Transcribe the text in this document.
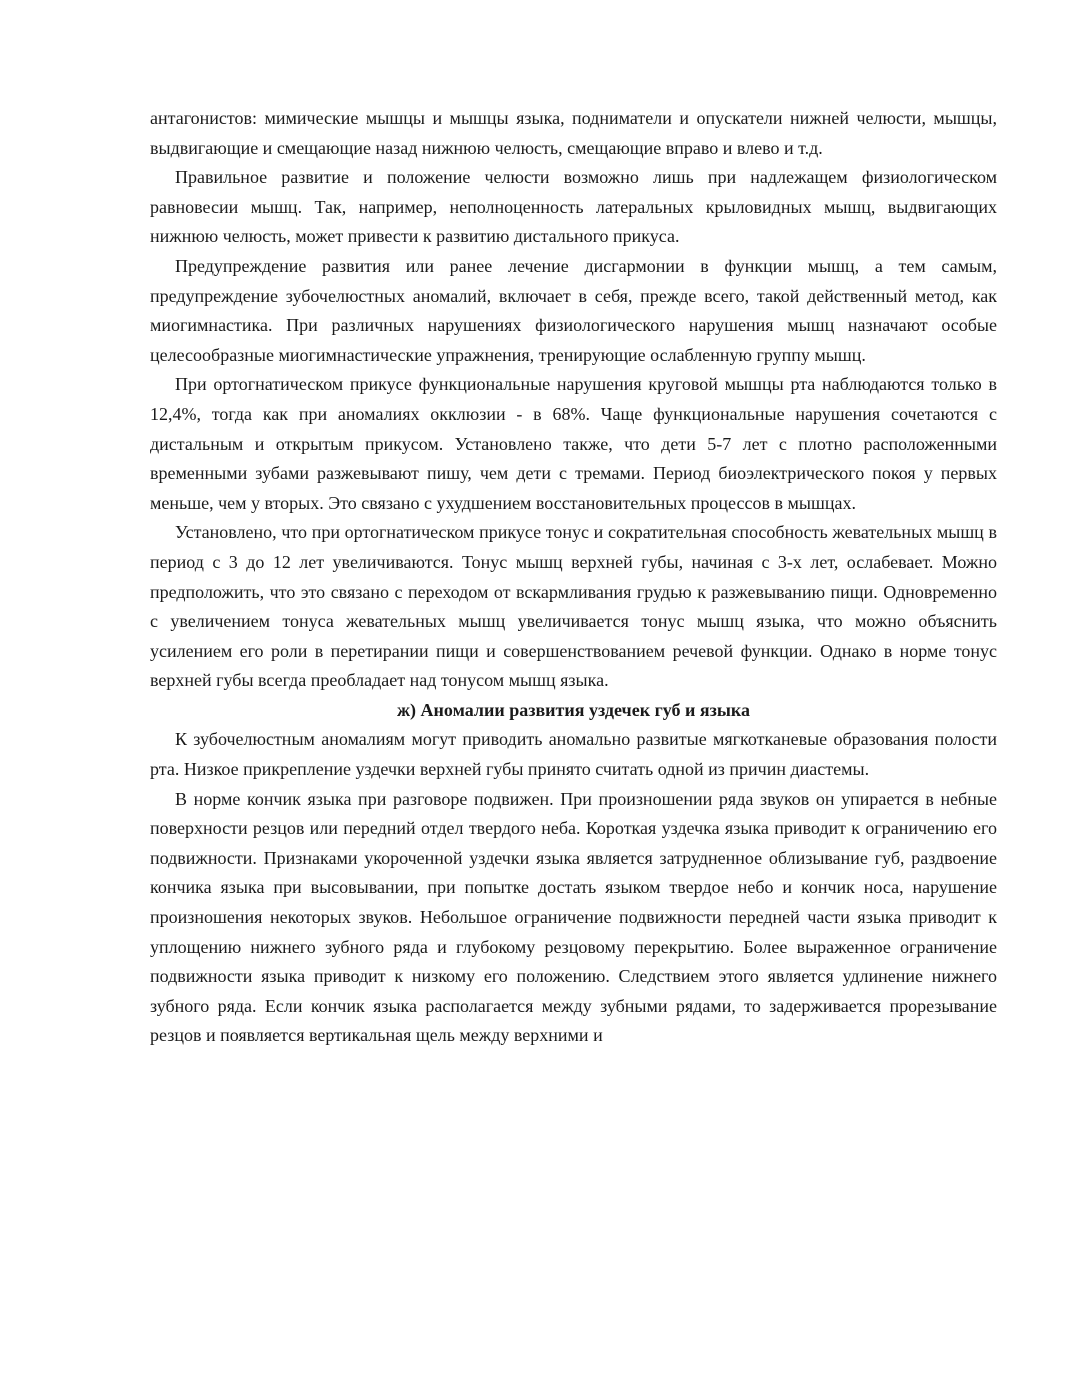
антагонистов: мимические мышцы и мышцы языка, подниматели и опускатели нижней челюсти, мышцы, выдвигающие и смещающие назад нижнюю челюсть, смещающие вправо и влево и т.д.

Правильное развитие и положение челюсти возможно лишь при надлежащем физиологическом равновесии мышц. Так, например, неполноценность латеральных крыловидных мышц, выдвигающих нижнюю челюсть, может привести к развитию дистального прикуса.

Предупреждение развития или ранее лечение дисгармонии в функции мышц, а тем самым, предупреждение зубочелюстных аномалий, включает в себя, прежде всего, такой действенный метод, как миогимнастика. При различных нарушениях физиологического нарушения мышц назначают особые целесообразные миогимнастические упражнения, тренирующие ослабленную группу мышц.

При ортогнатическом прикусе функциональные нарушения круговой мышцы рта наблюдаются только в 12,4%, тогда как при аномалиях окклюзии - в 68%. Чаще функциональные нарушения сочетаются с дистальным и открытым прикусом. Установлено также, что дети 5-7 лет с плотно расположенными временными зубами разжевывают пишу, чем дети с тремами. Период биоэлектрического покоя у первых меньше, чем у вторых. Это связано с ухудшением восстановительных процессов в мышцах.

Установлено, что при ортогнатическом прикусе тонус и сократительная способность жевательных мышц в период с 3 до 12 лет увеличиваются. Тонус мышц верхней губы, начиная с 3-х лет, ослабевает. Можно предположить, что это связано с переходом от вскармливания грудью к разжевыванию пищи. Одновременно с увеличением тонуса жевательных мышц увеличивается тонус мышц языка, что можно объяснить усилением его роли в перетирании пищи и совершенствованием речевой функции. Однако в норме тонус верхней губы всегда преобладает над тонусом мышц языка.

ж) Аномалии развития уздечек губ и языка

К зубочелюстным аномалиям могут приводить аномально развитые мягкотканевые образования полости рта. Низкое прикрепление уздечки верхней губы принято считать одной из причин диастемы.

В норме кончик языка при разговоре подвижен. При произношении ряда звуков он упирается в небные поверхности резцов или передний отдел твердого неба. Короткая уздечка языка приводит к ограничению его подвижности. Признаками укороченной уздечки языка является затрудненное облизывание губ, раздвоение кончика языка при высовывании, при попытке достать языком твердое небо и кончик носа, нарушение произношения некоторых звуков. Небольшое ограничение подвижности передней части языка приводит к уплощению нижнего зубного ряда и глубокому резцовому перекрытию. Более выраженное ограничение подвижности языка приводит к низкому его положению. Следствием этого является удлинение нижнего зубного ряда. Если кончик языка располагается между зубными рядами, то задерживается прорезывание резцов и появляется вертикальная щель между верхними и
